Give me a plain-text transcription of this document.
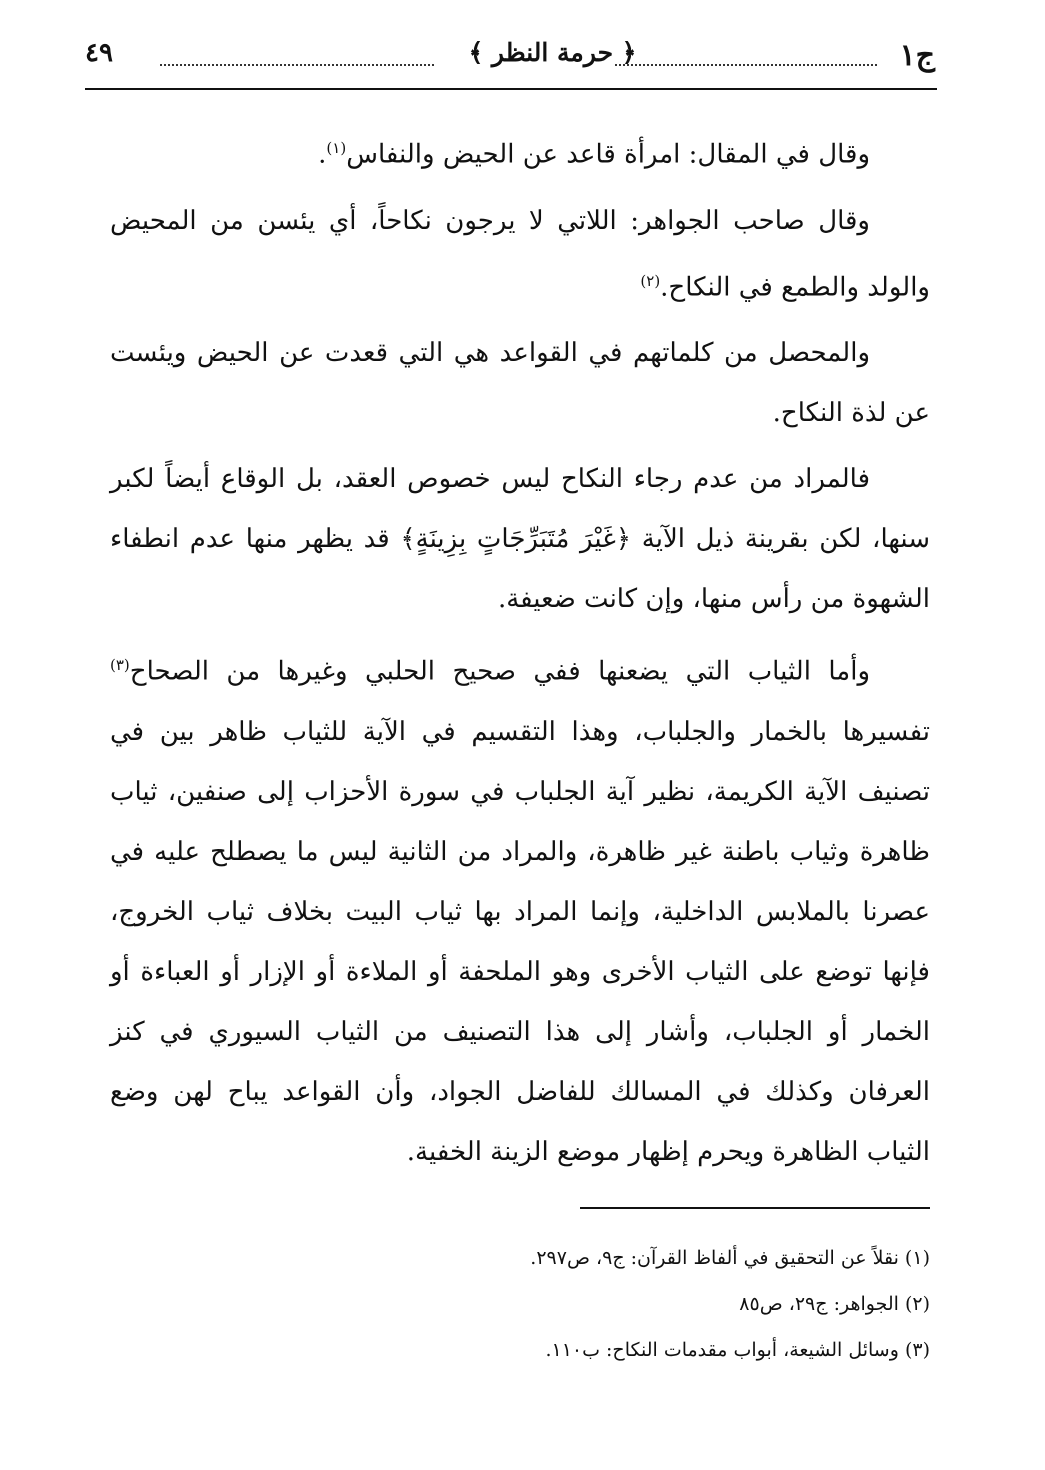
ج١
﴿ حرمة النظر ﴾
٤٩

وقال في المقال: امرأة قاعد عن الحيض والنفاس$^{(١)}$.

وقال صاحب الجواهر: اللاتي لا يرجون نكاحاً، أي يئسن من المحيض والولد والطمع في النكاح.$^{(٢)}$

والمحصل من كلماتهم في القواعد هي التي قعدت عن الحيض ويئست عن لذة النكاح.

فالمراد من عدم رجاء النكاح ليس خصوص العقد، بل الوقاع أيضاً لكبر سنها، لكن بقرينة ذيل الآية ﴿غَيْرَ مُتَبَرِّجَاتٍ بِزِينَةٍ﴾ قد يظهر منها عدم انطفاء الشهوة من رأس منها، وإن كانت ضعيفة.

وأما الثياب التي يضعنها ففي صحيح الحلبي وغيرها من الصحاح$^{(٣)}$ تفسيرها بالخمار والجلباب، وهذا التقسيم في الآية للثياب ظاهر بين في تصنيف الآية الكريمة، نظير آية الجلباب في سورة الأحزاب إلى صنفين، ثياب ظاهرة وثياب باطنة غير ظاهرة، والمراد من الثانية ليس ما يصطلح عليه في عصرنا بالملابس الداخلية، وإنما المراد بها ثياب البيت بخلاف ثياب الخروج، فإنها توضع على الثياب الأخرى وهو الملحفة أو الملاءة أو الإزار أو العباءة أو الخمار أو الجلباب، وأشار إلى هذا التصنيف من الثياب السيوري في كنز العرفان وكذلك في المسالك للفاضل الجواد، وأن القواعد يباح لهن وضع الثياب الظاهرة ويحرم إظهار موضع الزينة الخفية.

(١) نقلاً عن التحقيق في ألفاظ القرآن: ج٩، ص٢٩٧.
(٢) الجواهر: ج٢٩، ص٨٥
(٣) وسائل الشيعة، أبواب مقدمات النكاح: ب١١٠.
